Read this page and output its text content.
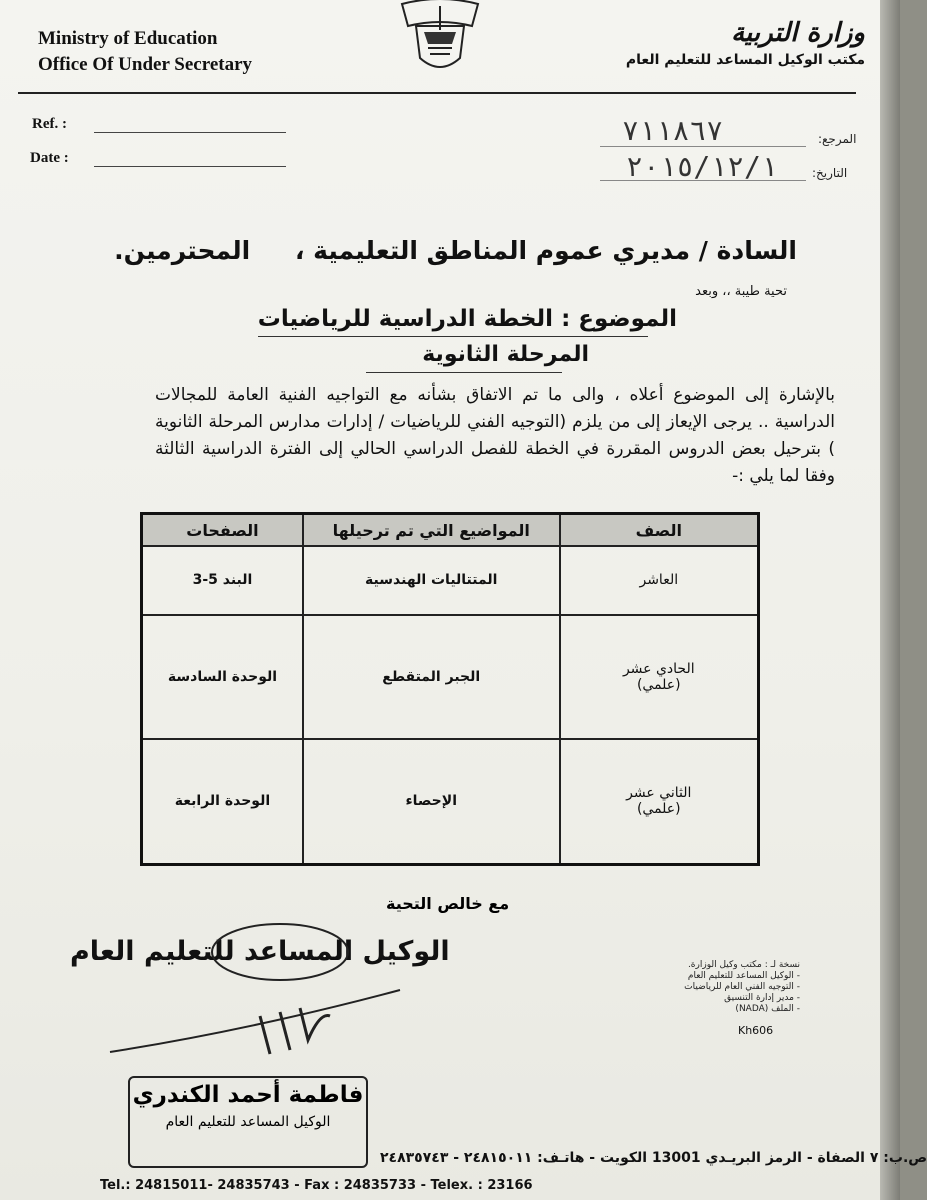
Ministry of Education
Office Of Under Secretary
وزارة التربية
مكتب الوكيل المساعد للتعليم العام
Ref. :
Date :
المرجع:
التاريخ:
٧١١٨٦٧
٢٠١٥/١٢/١
السادة / مديري عموم المناطق التعليمية ، المحترمين.
تحية طيبة ،، وبعد
الموضوع : الخطة الدراسية للرياضيات
المرحلة الثانوية
بالإشارة إلى الموضوع أعلاه ، والى ما تم الاتفاق بشأنه مع التواجيه الفنية العامة للمجالات الدراسية .. يرجى الإيعاز إلى من يلزم (التوجيه الفني للرياضيات / إدارات مدارس المرحلة الثانوية ) بترحيل بعض الدروس المقررة في الخطة للفصل الدراسي الحالي إلى الفترة الدراسية الثالثة وفقا لما يلي :-
الصف	المواضيع التي تم ترحيلها	الصفحات

العاشر	المتتاليات الهندسية	البند 5-3

الحادي عشر
(علمي)	الجبر المتقطع	الوحدة السادسة

الثاني عشر
(علمي)	الإحصاء	الوحدة الرابعة
مع خالص التحية
الوكيل المساعد للتعليم العام	نسخة لـ : مكتب وكيل الوزارة.
- الوكيل المساعد للتعليم العام
- التوجيه الفني العام للرياضيات
- مدير إدارة التنسيق
- الملف (NADA)
Kh606
فاطمة أحمد الكندري
الوكيل المساعد للتعليم العام
ص.ب: ٧ الصفاة - الرمز البريـدي 13001 الكويت - هاتـف: ٢٤٨١٥٠١١ - ٢٤٨٣٥٧٤٣
Tel.: 24815011- 24835743 - Fax : 24835733 - Telex. : 23166
